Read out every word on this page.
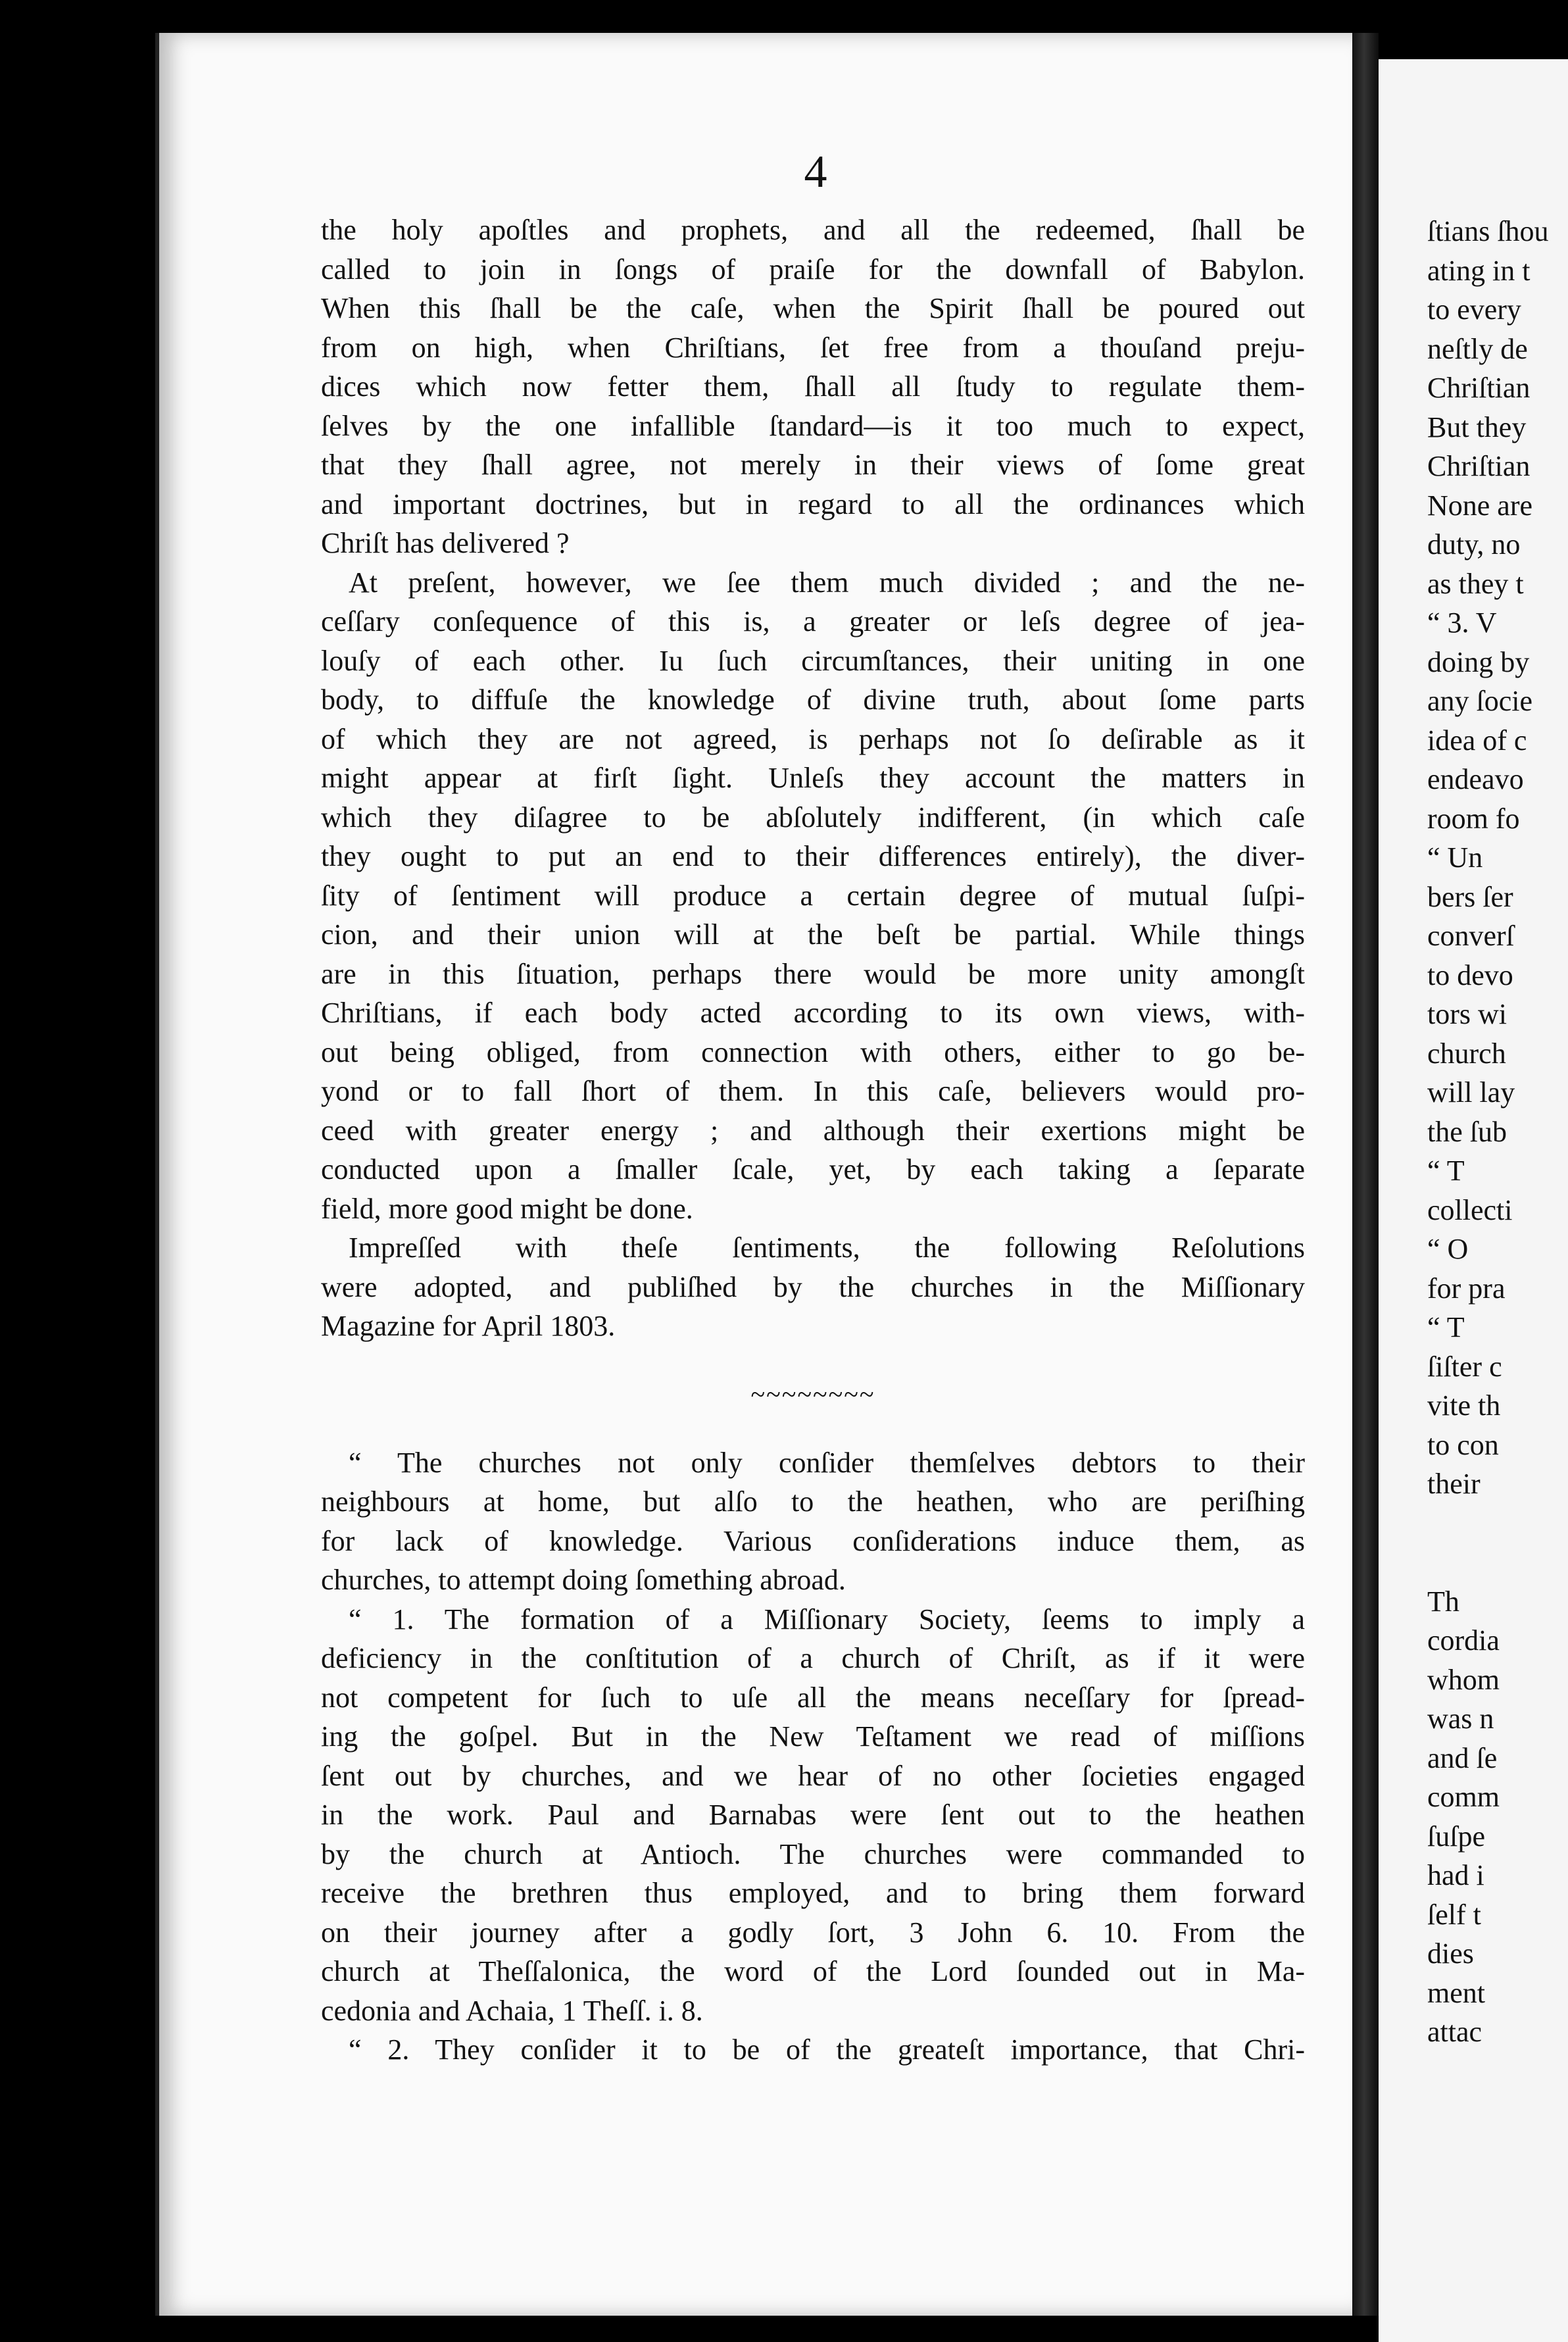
ſtians ſhou
ating in t
to every
neſtly de
Chriſtian
But they
Chriſtian
None are
duty, no
as they t
“ 3. V
doing by
any ſocie
idea of c
endeavo
room fo
“ Un
bers ſer
converſ
to devo
tors wi
church
will lay
the ſub
“ T
collecti
“ O
for pra
“ T
ſiſter c
vite th
to con
their
Th
cordia
whom
was n
and ſe
comm
ſuſpe
had i
ſelf t
dies
ment
attac
4
the holy apoſtles and prophets, and all the redeemed, ſhall be
called to join in ſongs of praiſe for the downfall of Babylon.
When this ſhall be the caſe, when the Spirit ſhall be poured out
from on high, when Chriſtians, ſet free from a thouſand preju-
dices which now fetter them, ſhall all ſtudy to regulate them-
ſelves by the one infallible ſtandard—is it too much to expect,
that they ſhall agree, not merely in their views of ſome great
and important doctrines, but in regard to all the ordinances which
Chriſt has delivered ?
At preſent, however, we ſee them much divided ; and the ne-
ceſſary conſequence of this is, a greater or leſs degree of jea-
louſy of each other. Iu ſuch circumſtances, their uniting in one
body, to diffuſe the knowledge of divine truth, about ſome parts
of which they are not agreed, is perhaps not ſo deſirable as it
might appear at firſt ſight. Unleſs they account the matters in
which they diſagree to be abſolutely indifferent, (in which caſe
they ought to put an end to their differences entirely), the diver-
ſity of ſentiment will produce a certain degree of mutual ſuſpi-
cion, and their union will at the beſt be partial. While things
are in this ſituation, perhaps there would be more unity amongſt
Chriſtians, if each body acted according to its own views, with-
out being obliged, from connection with others, either to go be-
yond or to fall ſhort of them. In this caſe, believers would pro-
ceed with greater energy ; and although their exertions might be
conducted upon a ſmaller ſcale, yet, by each taking a ſeparate
field, more good might be done.
Impreſſed with theſe ſentiments, the following Reſolutions
were adopted, and publiſhed by the churches in the Miſſionary
Magazine for April 1803.
~~~~~~~~
“ The churches not only conſider themſelves debtors to their
neighbours at home, but alſo to the heathen, who are periſhing
for lack of knowledge. Various conſiderations induce them, as
churches, to attempt doing ſomething abroad.
“ 1. The formation of a Miſſionary Society, ſeems to imply a
deficiency in the conſtitution of a church of Chriſt, as if it were
not competent for ſuch to uſe all the means neceſſary for ſpread-
ing the goſpel. But in the New Teſtament we read of miſſions
ſent out by churches, and we hear of no other ſocieties engaged
in the work. Paul and Barnabas were ſent out to the heathen
by the church at Antioch. The churches were commanded to
receive the brethren thus employed, and to bring them forward
on their journey after a godly ſort, 3 John 6. 10. From the
church at Theſſalonica, the word of the Lord ſounded out in Ma-
cedonia and Achaia, 1 Theſſ. i. 8.
“ 2. They conſider it to be of the greateſt importance, that Chri-
